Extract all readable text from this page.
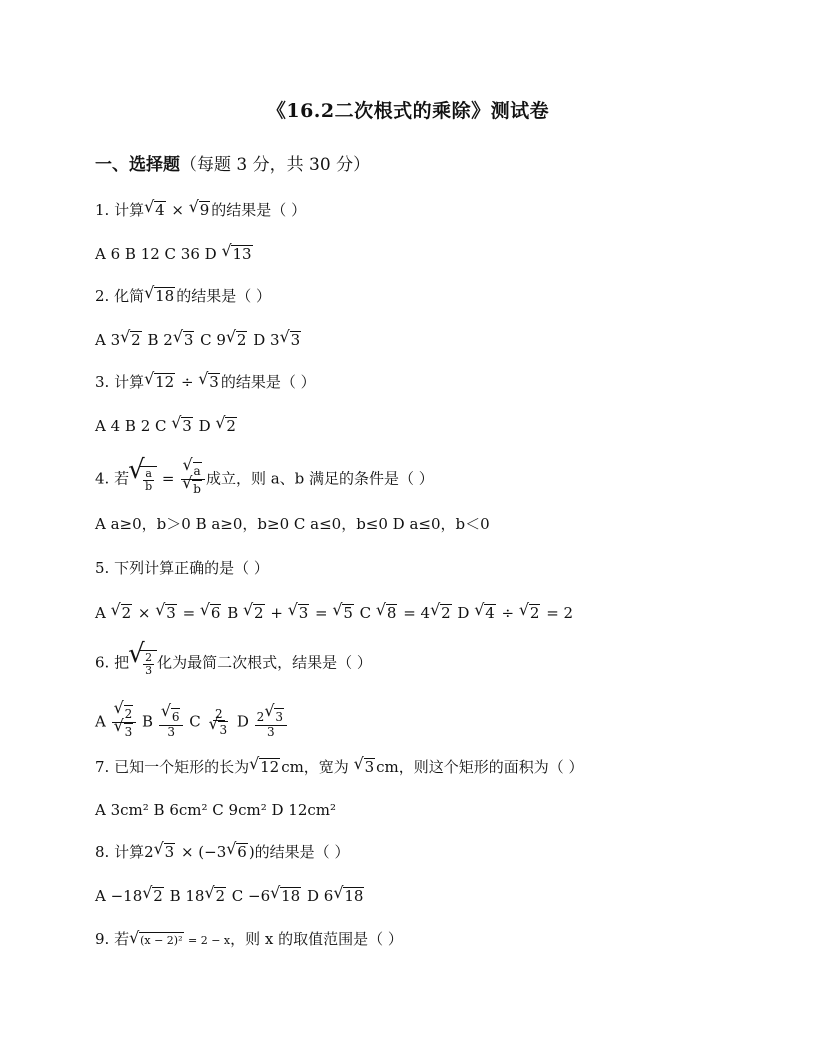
《16.2二次根式的乘除》测试卷
一、选择题（每题 3 分，共 30 分）
1. 计算 √ 4 × √ 9 的结果是（ ）
A 6 B 12 C 36 D √ 13
2. 化简 √ 18 的结果是（ ）
A 3 √ 2 B 2 √ 3 C 9 √ 2 D 3 √ 3
3. 计算 √ 12 ÷ √ 3 的结果是（ ）
A 4 B 2 C √ 3 D √ 2
4. 若 √ $\frac{a}{b}$ = √ a
√ b 成立，则 a、b 满足的条件是（ ）
A a≥0，b＞0 B a≥0，b≥0 C a≤0，b≤0 D a≤0，b＜0
5. 下列计算正确的是（ ）
A √ 2 × √ 3 = √ 6 B √ 2 + √ 3 = √ 5 C √ 8 = 4 √ 2 D √ 4 ÷ √ 2 = 2
6. 把 √ $\frac{2}{3}$ 化为最简二次根式，结果是（ ）
A √ 2
√ 3 B √ $\frac{6}{3}$ C 2
√ 3 D $\frac{2 √ 3}{3}$
7. 已知一个矩形的长为 √ 12 cm，宽为 √ 3 cm，则这个矩形的面积为（ ）
A 3cm² B 6cm² C 9cm² D 12cm²
8. 计算2 √ 3 × (−3 √ 6 )的结果是（ ）
A −18 √ 2 B 18 √ 2 C −6 √ 18 D 6 √ 18
9. 若 √ (x − 2)² = 2 − x，则 x 的取值范围是（ ）
